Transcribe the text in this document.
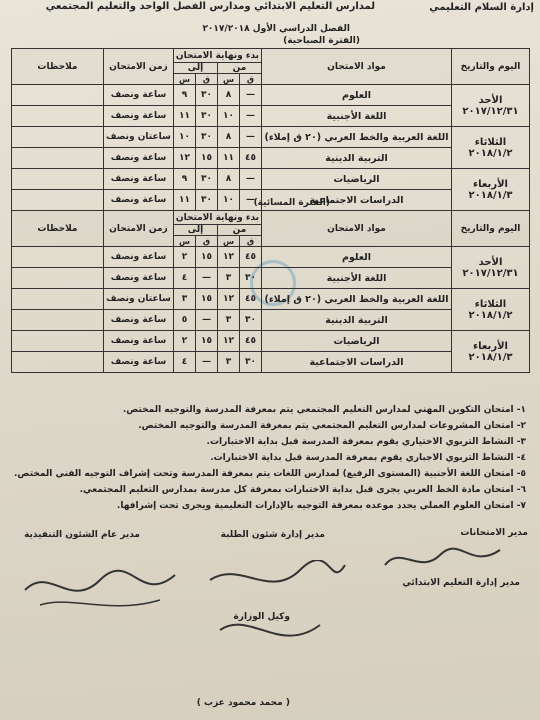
إدارة السلام التعليمي
لمدارس التعليم الابتدائي ومدارس الفصل الواحد والتعليم المجتمعي
الفصل الدراسي الأول ٢٠١٧/٢٠١٨
(الفترة الصباحية)
اليوم والتاريخ	مواد الامتحان	بدء ونهاية الامتحان				زمن الامتحان	ملاحظات
		من		إلى			
		ق	س	ق	س		

الأحد
٢٠١٧/١٢/٣١	العلوم	—	٨	٣٠	٩	ساعة ونصف	
	اللغة الأجنبية	—	١٠	٣٠	١١	ساعة ونصف	

الثلاثاء
٢٠١٨/١/٢	اللغة العربية والخط العربي (٢٠ ق إملاء)	—	٨	٣٠	١٠	ساعتان ونصف	
	التربية الدينية	٤٥	١١	١٥	١٢	ساعة ونصف	

الأربعاء
٢٠١٨/١/٣	الرياضيات	—	٨	٣٠	٩	ساعة ونصف	
	الدراسات الاجتماعية	—	١٠	٣٠	١١	ساعة ونصف		(الفترة المسائية)
اليوم والتاريخ	مواد الامتحان	بدء ونهاية الامتحان				زمن الامتحان	ملاحظات
		من		إلى			
		ق	س	ق	س		

الأحد
٢٠١٧/١٢/٣١	العلوم	٤٥	١٢	١٥	٢	ساعة ونصف	
	اللغة الأجنبية	٣٠	٣	—	٤	ساعة ونصف	

الثلاثاء
٢٠١٨/١/٢	اللغة العربية والخط العربي (٢٠ ق إملاء)	٤٥	١٢	١٥	٣	ساعتان ونصف	
	التربية الدينية	٣٠	٣	—	٥	ساعة ونصف	

الأربعاء
٢٠١٨/١/٣	الرياضيات	٤٥	١٢	١٥	٢	ساعة ونصف	
	الدراسات الاجتماعية	٣٠	٣	—	٤	ساعة ونصف	
١- امتحان التكوين المهني لمدارس التعليم المجتمعي يتم بمعرفة المدرسة والتوجيه المختص.
٢- امتحان المشروعات لمدارس التعليم المجتمعي يتم بمعرفة المدرسة والتوجيه المختص.
٣- النشاط التربوي الاختياري يقوم بمعرفة المدرسة قبل بداية الاختبارات.
٤- النشاط التربوي الاجباري يقوم بمعرفة المدرسة قبل بداية الاختبارات.
٥- امتحان اللغة الأجنبية (المستوى الرفيع) لمدارس اللغات يتم بمعرفة المدرسة وتحت إشراف التوجيه الفني المختص.
٦- امتحان مادة الخط العربي يجرى قبل بداية الاختبارات بمعرفة كل مدرسة بمدارس التعليم المجتمعي.
٧- امتحان العلوم العملي يحدد موعده بمعرفة التوجيه بالإدارات التعليمية ويجرى تحت إشرافها.
مدير الامتحانات
مدير إدارة التعليم الابتدائي
مدير إدارة شئون الطلبة
مدير عام الشئون التنفيذية
وكيل الوزارة
( محمد محمود عزب )
